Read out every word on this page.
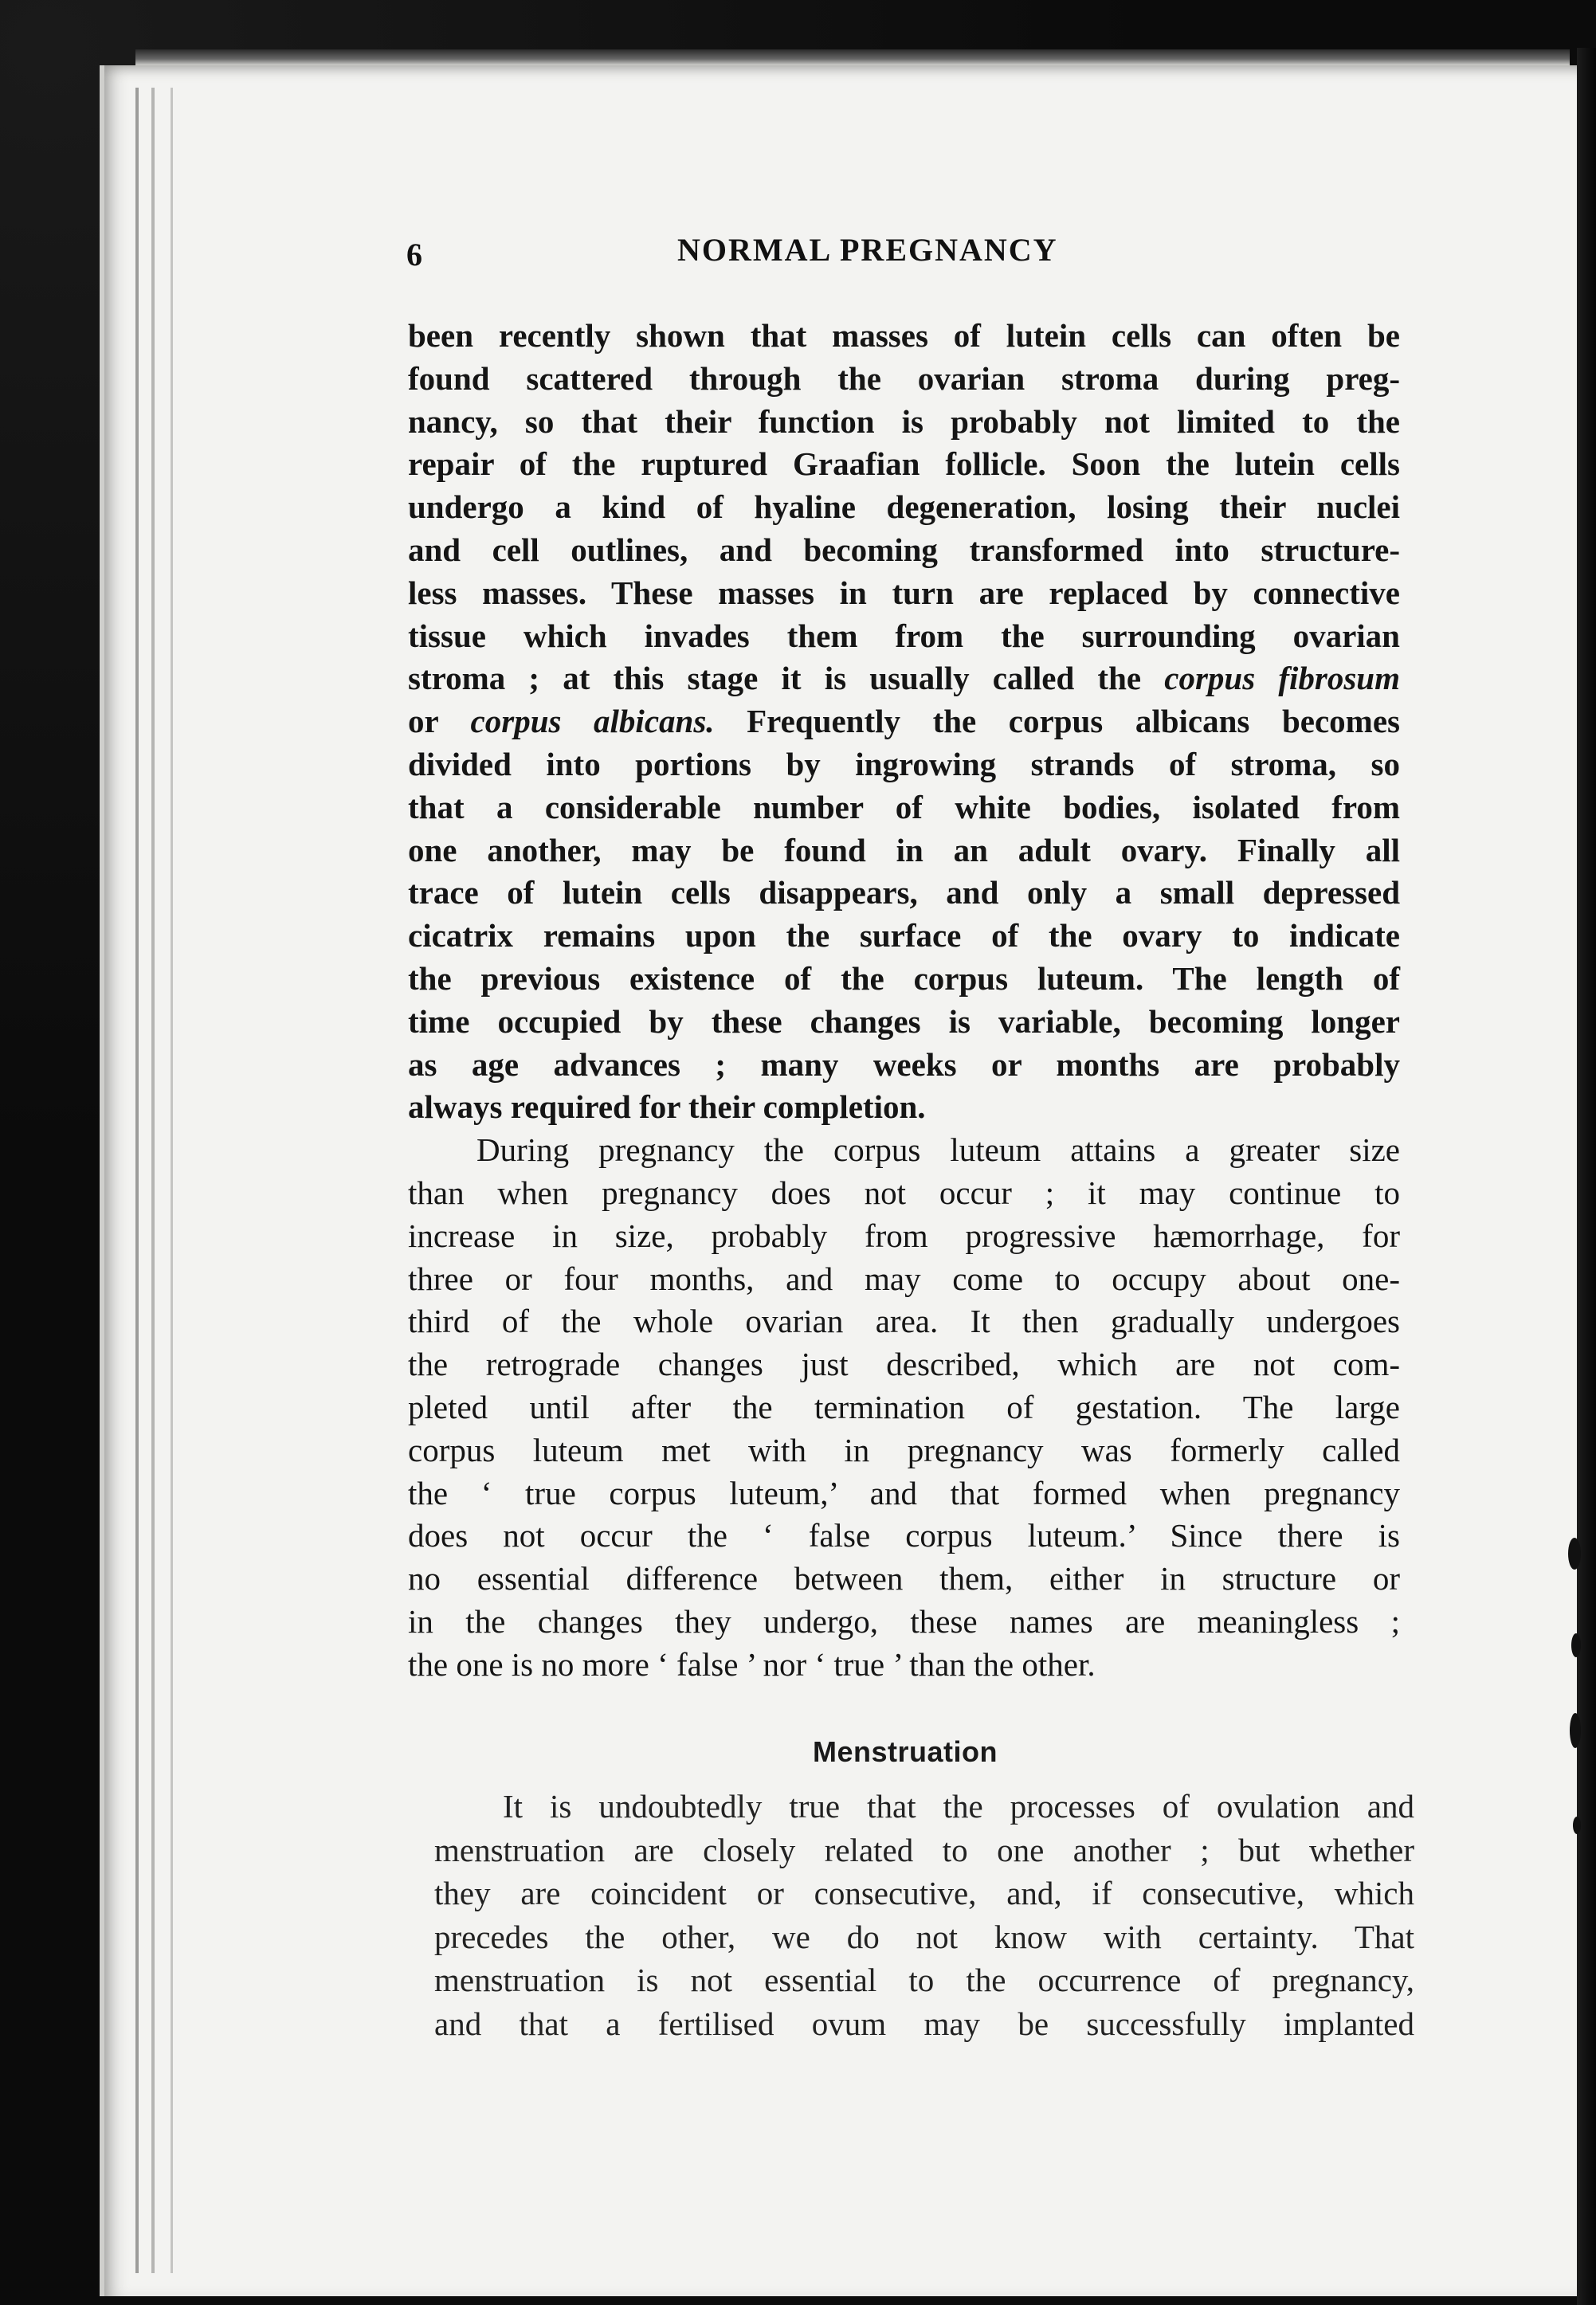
6	NORMAL PREGNANCY
been recently shown that masses of lutein cells can often be
found scattered through the ovarian stroma during preg-
nancy, so that their function is probably not limited to the
repair of the ruptured Graafian follicle. Soon the lutein cells
undergo a kind of hyaline degeneration, losing their nuclei
and cell outlines, and becoming transformed into structure-
less masses. These masses in turn are replaced by connective
tissue which invades them from the surrounding ovarian
stroma ; at this stage it is usually called the corpus fibrosum
or corpus albicans. Frequently the corpus albicans becomes
divided into portions by ingrowing strands of stroma, so
that a considerable number of white bodies, isolated from
one another, may be found in an adult ovary. Finally all
trace of lutein cells disappears, and only a small depressed
cicatrix remains upon the surface of the ovary to indicate
the previous existence of the corpus luteum. The length of
time occupied by these changes is variable, becoming longer
as age advances ; many weeks or months are probably
always required for their completion.
During pregnancy the corpus luteum attains a greater size
than when pregnancy does not occur ; it may continue to
increase in size, probably from progressive hæmorrhage, for
three or four months, and may come to occupy about one-
third of the whole ovarian area. It then gradually undergoes
the retrograde changes just described, which are not com-
pleted until after the termination of gestation. The large
corpus luteum met with in pregnancy was formerly called
the ‘ true corpus luteum,’ and that formed when pregnancy
does not occur the ‘ false corpus luteum.’ Since there is
no essential difference between them, either in structure or
in the changes they undergo, these names are meaningless ;
the one is no more ‘ false ’ nor ‘ true ’ than the other.
Menstruation
It is undoubtedly true that the processes of ovulation and
menstruation are closely related to one another ; but whether
they are coincident or consecutive, and, if consecutive, which
precedes the other, we do not know with certainty. That
menstruation is not essential to the occurrence of pregnancy,
and that a fertilised ovum may be successfully implanted
